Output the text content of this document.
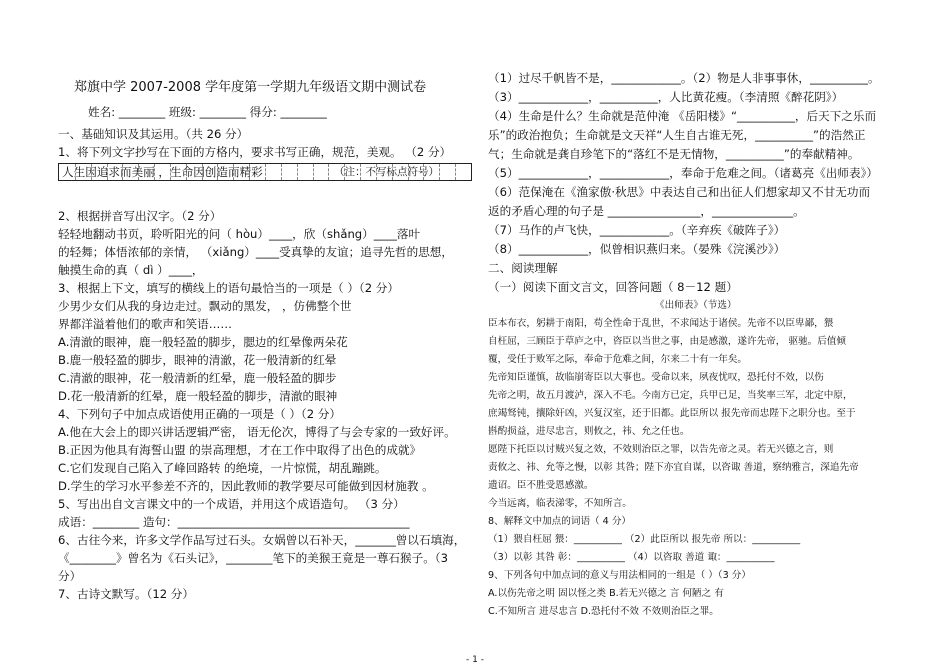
郑旗中学 2007-2008 学年度第一学期九年级语文期中测试卷
姓名: ________ 班级: ________ 得分: ________
一、基础知识及其运用。（共 26 分）
1、将下列文字抄写在下面的方格内，要求书写正确，规范，美观。 （2 分）
人生因追求而美丽 ，生命因创造而精彩	（注：不写标点符号）
2、根据拼音写出汉字。（2 分）
轻轻地翻动书页，聆听阳光的问（ hòu）____，欣（shǎng）____落叶
的轻舞；体悟浓郁的亲情， （xiǎng）____受真挚的友谊；追寻先哲的思想，
触摸生命的真（ dì ）____，
3、根据上下文，填写的横线上的语句最恰当的一项是（ ）（2 分）
少男少女们从我的身边走过。飘动的黑发， ，仿佛整个世
界都洋溢着他们的歌声和笑语……
A.清澈的眼神，鹿一般轻盈的脚步，腮边的红晕像两朵花
B.鹿一般轻盈的脚步，眼神的清澈，花一般清新的红晕
C.清澈的眼神，花一般清新的红晕，鹿一般轻盈的脚步
D.花一般清新的红晕，鹿一般轻盈的脚步，清澈的眼神
4、下列句子中加点成语使用正确的一项是（ ）（2 分）
A.他在大会上的即兴讲话逻辑严密， 语无伦次，博得了与会专家的一致好评。
B.正因为他具有海誓山盟 的崇高理想，才在工作中取得了出色的成就》
C.它们发现自己陷入了峰回路转 的绝境，一片惊慌，胡乱蹦跳。
D.学生的学习水平参差不齐的，因此教师的教学要尽可能做到因材施教 。
5、写出出自文言课文中的一个成语，并用这个成语造句。 （3 分）
成语：________ 造句：________________________________________
6、古往今来，许多文学作品写过石头。女娲曾以石补天，_______曾以石填海，
《________》曾名为《石头记》，________笔下的美猴王竟是一尊石猴子。（3
分）
7、古诗文默写。（12 分）
（1）过尽千帆皆不是，____________。（2）物是人非事事休，__________。
（3）____________，__________，人比黄花瘦。（李清照《醉花阴》）
（4）生命是什么？生命就是范仲淹 《岳阳楼》“__________，后天下之乐而
乐”的政治抱负；生命就是文天祥“人生自古谁无死，__________”的浩然正
气；生命就是龚自珍笔下的“落红不是无情物，__________”的奉献精神。
（5）____________，____________，奉命于危难之间。（诸葛亮《出师表》）
（6）范保淹在《渔家傲·秋思》中表达自己和出征人们想家却又不甘无功而
返的矛盾心理的句子是 ________________，______________。
（7）马作的卢飞快，____________。（辛弃疾《破阵子》）
（8）____________，似曾相识燕归来。（晏殊《浣溪沙》）
二、阅读理解
（一）阅读下面文言文，回答问题（ 8－12 题）
《出师表》（节选）
臣本布衣，躬耕于南阳，苟全性命于乱世，不求闻达于诸侯。先帝不以臣卑鄙，猥
自枉屈，三顾臣于草庐之中，咨臣以当世之事，由是感激，遂许先帝， 驱驰。后值倾
覆，受任于败军之际，奉命于危难之间，尔来二十有一年矣。
先帝知臣谨慎，故临崩寄臣以大事也。受命以来，夙夜忧叹，恐托付不效，以伤
先帝之明，故五月渡泸，深入不毛。今南方已定，兵甲已足，当奖率三军，北定中原，
庶竭驽钝，攘除奸凶，兴复汉室，还于旧都。此臣所以 报先帝而忠陛下之职分也。至于
斟酌损益，进尽忠言，则攸之，祎、允之任也。
愿陛下托臣以讨贼兴复之效，不效则治臣之罪，以告先帝之灵。若无兴德之言，则
责攸之、祎、允等之慢，以彰 其咎；陛下亦宜自谋，以咨诹 善道，察纳雅言，深追先帝
遗诏。臣不胜受恩感激。
今当远离，临表涕零，不知所言。
8、解释文中加点的词语（ 4 分）
（1）猥自枉屈 猥：__________ （2）此臣所以 报先帝 所以：__________
（3）以彰 其咎 彰：__________ （4）以咨取 善道 诹：__________
9、下列各句中加点词的意义与用法相同的一组是（ ）（3 分）
A.以伤先帝之明 固以怪之类 B.若无兴德之 言 何陋之 有
C.不知所言 进尽忠言 D.恐托付不效 不效则治臣之罪。
- 1 -
